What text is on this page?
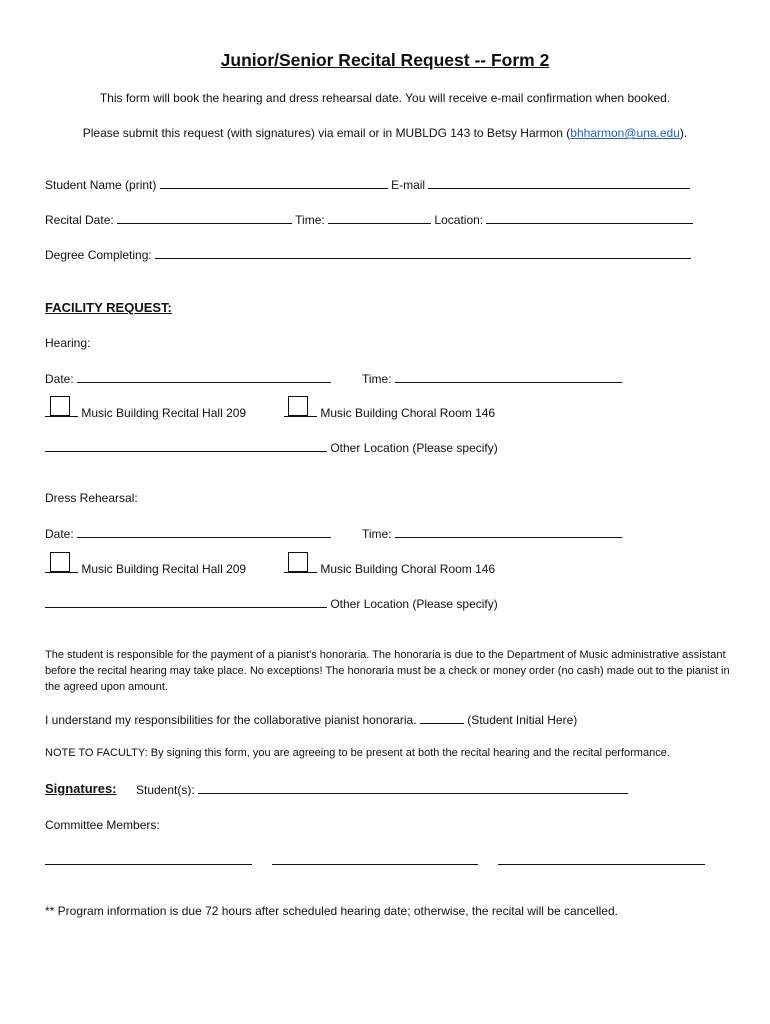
Junior/Senior Recital Request -- Form 2
This form will book the hearing and dress rehearsal date. You will receive e-mail confirmation when booked.
Please submit this request (with signatures) via email or in MUBLDG 143 to Betsy Harmon (bhharmon@una.edu).
Student Name (print)	E-mail
Recital Date:	Time:	Location:
Degree Completing:
FACILITY REQUEST:
Hearing:
Date:	Time:
Music Building Recital Hall 209	Music Building Choral Room 146
Other Location (Please specify)
Dress Rehearsal:
Date:	Time:
Music Building Recital Hall 209	Music Building Choral Room 146
Other Location (Please specify)
The student is responsible for the payment of a pianist's honoraria. The honoraria is due to the Department of Music administrative assistant before the recital hearing may take place. No exceptions! The honoraria must be a check or money order (no cash) made out to the pianist in the agreed upon amount.
I understand my responsibilities for the collaborative pianist honoraria.	(Student Initial Here)
NOTE TO FACULTY: By signing this form, you are agreeing to be present at both the recital hearing and the recital performance.
Signatures: Student(s):
Committee Members:
** Program information is due 72 hours after scheduled hearing date; otherwise, the recital will be cancelled.
